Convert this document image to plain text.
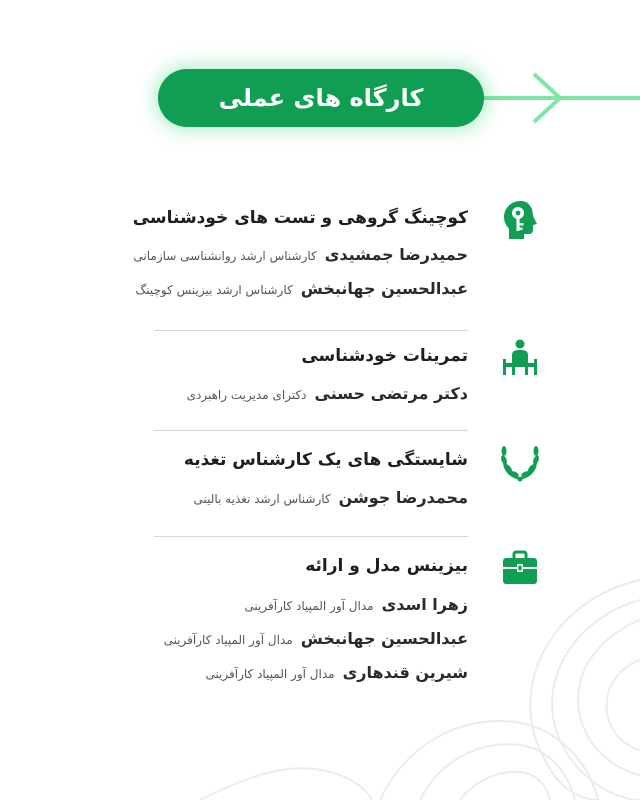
کارگاه های عملی
کوچینگ گروهی و تست های خودشناسی
حمیدرضا جمشیدی
کارشناس ارشد روانشناسی سازمانی
عبدالحسین جهانبخش
کارشناس ارشد بیزینس کوچینگ
تمرینات خودشناسی
دکتر مرتضی حسنی
دکترای مدیریت راهبردی
شایستگی های یک کارشناس تغذیه
محمدرضا جوشن
کارشناس ارشد تغذیه بالینی
بیزینس مدل و ارائه
زهرا اسدی
مدال آور المپیاد کارآفرینی
عبدالحسین جهانبخش
مدال آور المپیاد کارآفرینی
شیرین قندهاری
مدال آور المپیاد کارآفرینی
